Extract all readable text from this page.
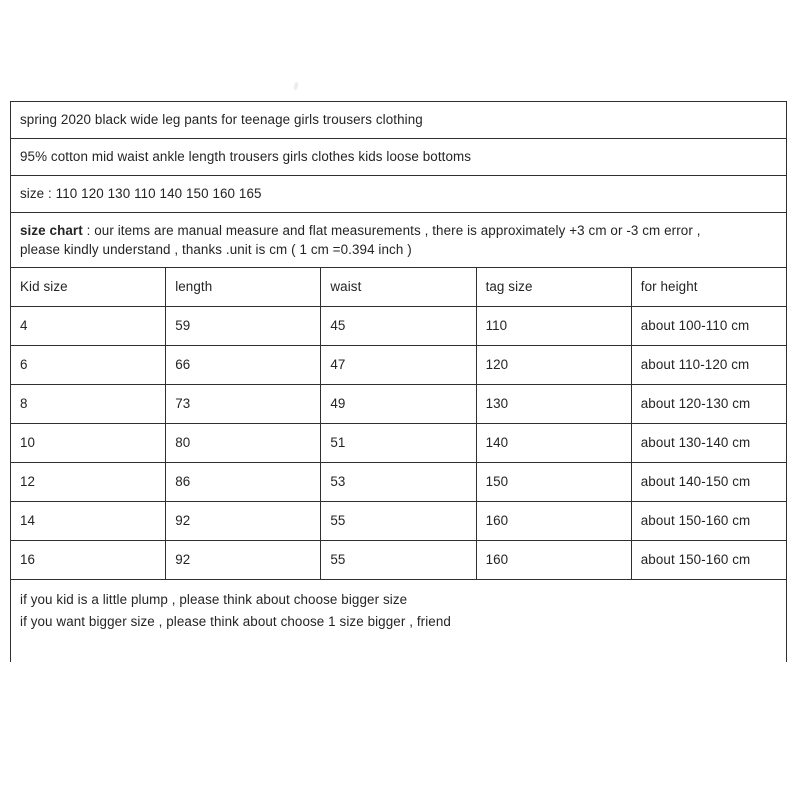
spring 2020 black wide leg pants for teenage girls trousers clothing				
95% cotton mid waist ankle length trousers girls clothes kids loose bottoms				
size : 110 120 130 110 140 150 160 165				

size chart : our items are manual measure and flat measurements , there is approximately +3 cm or -3 cm error ,
please kindly understand , thanks .unit is cm ( 1 cm =0.394 inch )				

Kid size	length	waist	tag size	for height
4	59	45	110	about 100-110 cm
6	66	47	120	about 110-120 cm
8	73	49	130	about 120-130 cm
10	80	51	140	about 130-140 cm
12	86	53	150	about 140-150 cm
14	92	55	160	about 150-160 cm
16	92	55	160	about 150-160 cm

if you kid is a little plump , please think about choose bigger size
if you want bigger size , please think about choose 1 size bigger , friend				
